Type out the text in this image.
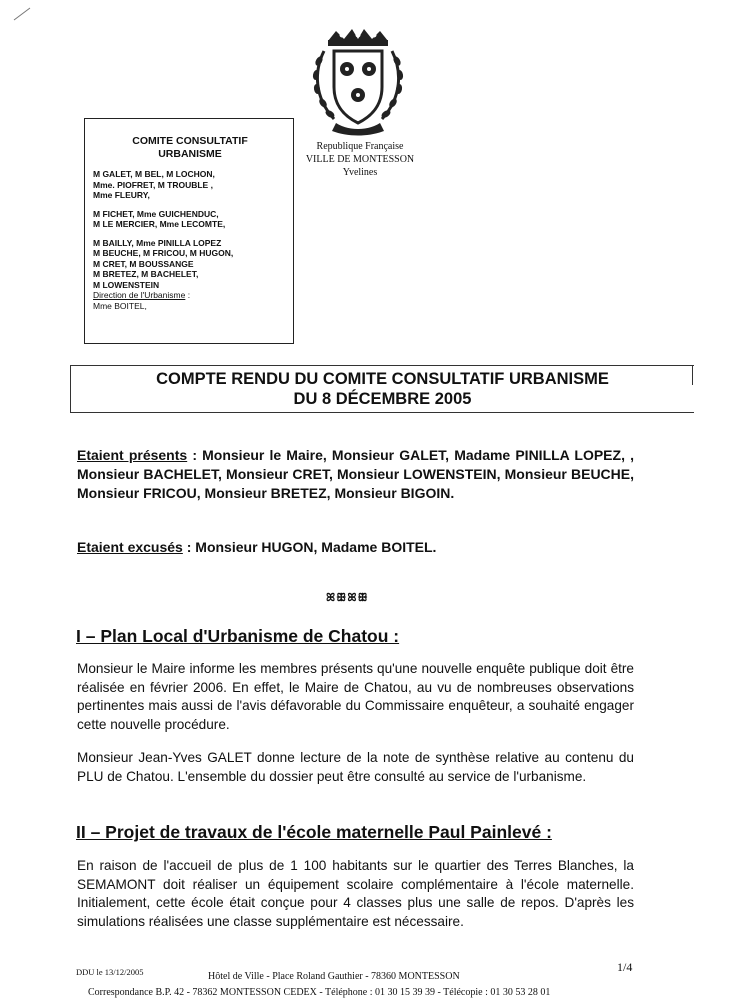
Republique Française
VILLE DE MONTESSON
Yvelines
COMITE CONSULTATIF
URBANISME
M GALET, M BEL, M LOCHON,
Mme. PIOFRET, M TROUBLE ,
Mme FLEURY,
M FICHET, Mme GUICHENDUC,
M LE MERCIER, Mme LECOMTE,
M BAILLY, Mme PINILLA LOPEZ
M BEUCHE, M FRICOU, M HUGON,
M CRET, M BOUSSANGE
M BRETEZ, M BACHELET,
M LOWENSTEIN
Direction de l'Urbanisme :
Mme BOITEL,
COMPTE RENDU DU COMITE CONSULTATIF URBANISME
DU 8 DÉCEMBRE 2005
Etaient présents : Monsieur le Maire, Monsieur GALET, Madame PINILLA LOPEZ, , Monsieur BACHELET, Monsieur CRET, Monsieur LOWENSTEIN, Monsieur BEUCHE, Monsieur FRICOU, Monsieur BRETEZ, Monsieur BIGOIN.
Etaient excusés : Monsieur HUGON, Madame BOITEL.
ꕤꕥꕤꕥ
I – Plan Local d'Urbanisme de Chatou :
Monsieur le Maire informe les membres présents qu'une nouvelle enquête publique doit être réalisée en février 2006. En effet, le Maire de Chatou, au vu de nombreuses observations pertinentes mais aussi de l'avis défavorable du Commissaire enquêteur, a souhaité engager cette nouvelle procédure.
Monsieur Jean-Yves GALET donne lecture de la note de synthèse relative au contenu du PLU de Chatou. L'ensemble du dossier peut être consulté au service de l'urbanisme.
II – Projet de travaux de l'école maternelle Paul Painlevé :
En raison de l'accueil de plus de 1 100 habitants sur le quartier des Terres Blanches, la SEMAMONT doit réaliser un équipement scolaire complémentaire à l'école maternelle. Initialement, cette école était conçue pour 4 classes plus une salle de repos. D'après les simulations réalisées une classe supplémentaire est nécessaire.
1/4
DDU le 13/12/2005	Hôtel de Ville - Place Roland Gauthier - 78360 MONTESSON
Correspondance B.P. 42 - 78362 MONTESSON CEDEX - Téléphone : 01 30 15 39 39 - Télécopie : 01 30 53 28 01
